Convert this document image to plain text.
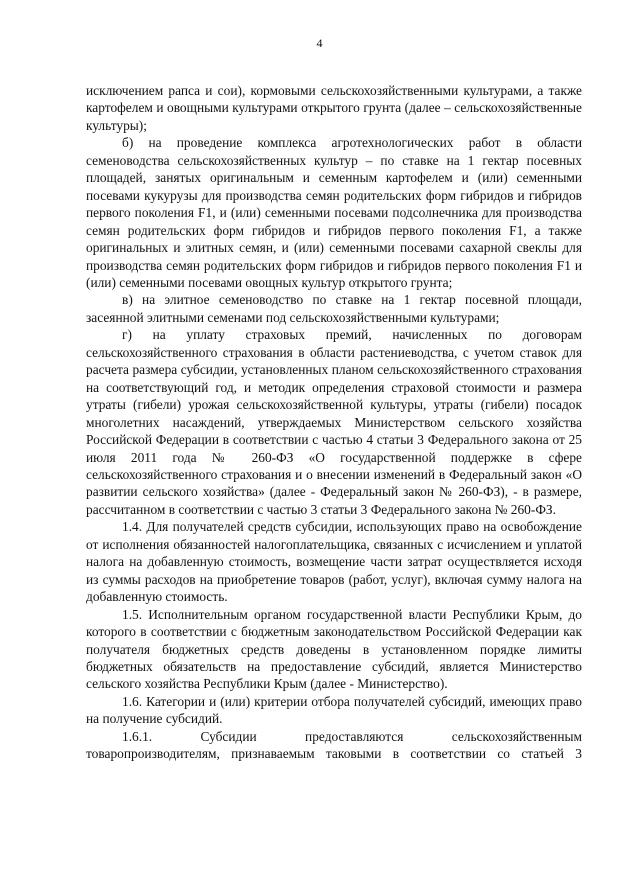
4

исключением рапса и сои), кормовыми сельскохозяйственными культурами, а также картофелем и овощными культурами открытого грунта (далее – сельскохозяйственные культуры);

б) на проведение комплекса агротехнологических работ в области семеноводства сельскохозяйственных культур – по ставке на 1 гектар посевных площадей, занятых оригинальным и семенным картофелем и (или) семенными посевами кукурузы для производства семян родительских форм гибридов и гибридов первого поколения F1, и (или) семенными посевами подсолнечника для производства семян родительских форм гибридов и гибридов первого поколения F1, а также оригинальных и элитных семян, и (или) семенными посевами сахарной свеклы для производства семян родительских форм гибридов и гибридов первого поколения F1 и (или) семенными посевами овощных культур открытого грунта;

в) на элитное семеноводство по ставке на 1 гектар посевной площади, засеянной элитными семенами под сельскохозяйственными культурами;

г) на уплату страховых премий, начисленных по договорам сельскохозяйственного страхования в области растениеводства, с учетом ставок для расчета размера субсидии, установленных планом сельскохозяйственного страхования на соответствующий год, и методик определения страховой стоимости и размера утраты (гибели) урожая сельскохозяйственной культуры, утраты (гибели) посадок многолетних насаждений, утверждаемых Министерством сельского хозяйства Российской Федерации в соответствии с частью 4 статьи 3 Федерального закона от 25 июля 2011 года № 260-ФЗ «О государственной поддержке в сфере сельскохозяйственного страхования и о внесении изменений в Федеральный закон «О развитии сельского хозяйства» (далее - Федеральный закон № 260-ФЗ), - в размере, рассчитанном в соответствии с частью 3 статьи 3 Федерального закона № 260-ФЗ.

1.4. Для получателей средств субсидии, использующих право на освобождение от исполнения обязанностей налогоплательщика, связанных с исчислением и уплатой налога на добавленную стоимость, возмещение части затрат осуществляется исходя из суммы расходов на приобретение товаров (работ, услуг), включая сумму налога на добавленную стоимость.

1.5. Исполнительным органом государственной власти Республики Крым, до которого в соответствии с бюджетным законодательством Российской Федерации как получателя бюджетных средств доведены в установленном порядке лимиты бюджетных обязательств на предоставление субсидий, является Министерство сельского хозяйства Республики Крым (далее - Министерство).

1.6. Категории и (или) критерии отбора получателей субсидий, имеющих право на получение субсидий.

1.6.1. Субсидии предоставляются сельскохозяйственным товаропроизводителям, признаваемым таковыми в соответствии со статьей 3
